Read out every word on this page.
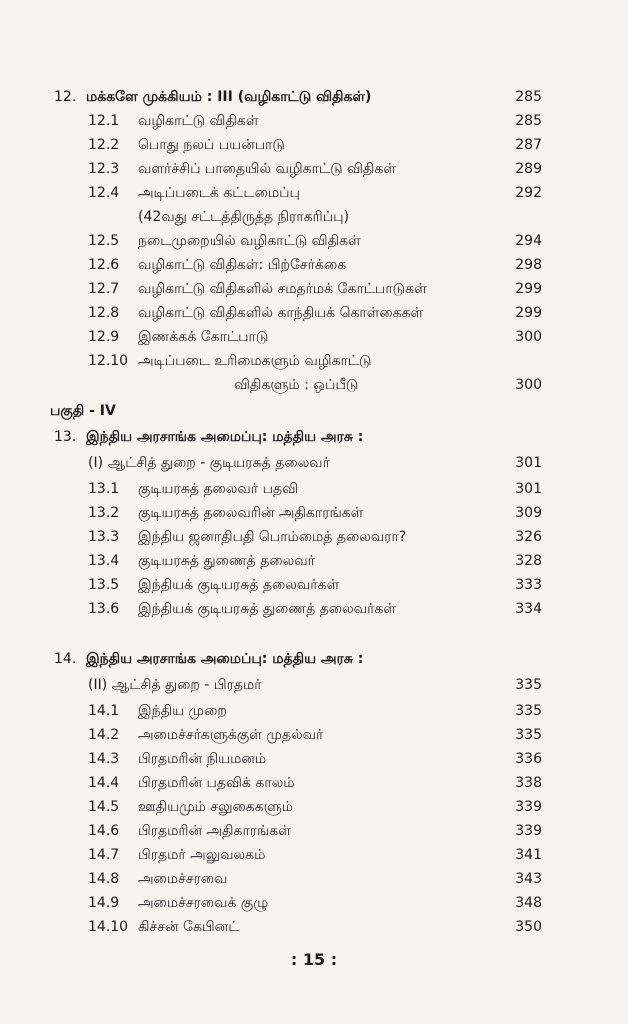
12. மக்களே முக்கியம் : III (வழிகாட்டு விதிகள்)	285
12.1 வழிகாட்டு விதிகள்	285
12.2 பொது நலப் பயன்பாடு	287
12.3 வளர்ச்சிப் பாதையில் வழிகாட்டு விதிகள்	289
12.4 அடிப்படைக் கட்டமைப்பு	292
(42வது சட்டத்திருத்த நிராகரிப்பு)
12.5 நடைமுறையில் வழிகாட்டு விதிகள்	294
12.6 வழிகாட்டு விதிகள்: பிற்சேர்க்கை	298
12.7 வழிகாட்டு விதிகளில் சமதர்மக் கோட்பாடுகள்	299
12.8 வழிகாட்டு விதிகளில் காந்தியக் கொள்கைகள்	299
12.9 இணக்கக் கோட்பாடு	300
12.10 அடிப்படை உரிமைகளும் வழிகாட்டு
விதிகளும் : ஒப்பீடு	300
பகுதி - IV
13. இந்திய அரசாங்க அமைப்பு: மத்திய அரசு :
(I) ஆட்சித் துறை - குடியரசுத் தலைவர்	301
13.1 குடியரசுத் தலைவர் பதவி	301
13.2 குடியரசுத் தலைவரின் அதிகாரங்கள்	309
13.3 இந்திய ஜனாதிபதி பொம்மைத் தலைவரா?	326
13.4 குடியரசுத் துணைத் தலைவர்	328
13.5 இந்தியக் குடியரசுத் தலைவர்கள்	333
13.6 இந்தியக் குடியரசுத் துணைத் தலைவர்கள்	334
14. இந்திய அரசாங்க அமைப்பு: மத்திய அரசு :
(II) ஆட்சித் துறை - பிரதமர்	335
14.1 இந்திய முறை	335
14.2 அமைச்சர்களுக்குள் முதல்வர்	335
14.3 பிரதமரின் நியமனம்	336
14.4 பிரதமரின் பதவிக் காலம்	338
14.5 ஊதியமும் சலுகைகளும்	339
14.6 பிரதமரின் அதிகாரங்கள்	339
14.7 பிரதமர் அலுவலகம்	341
14.8 அமைச்சரவை	343
14.9 அமைச்சரவைக் குழு	348
14.10 கிச்சன் கேபினட்	350
: 15 :
